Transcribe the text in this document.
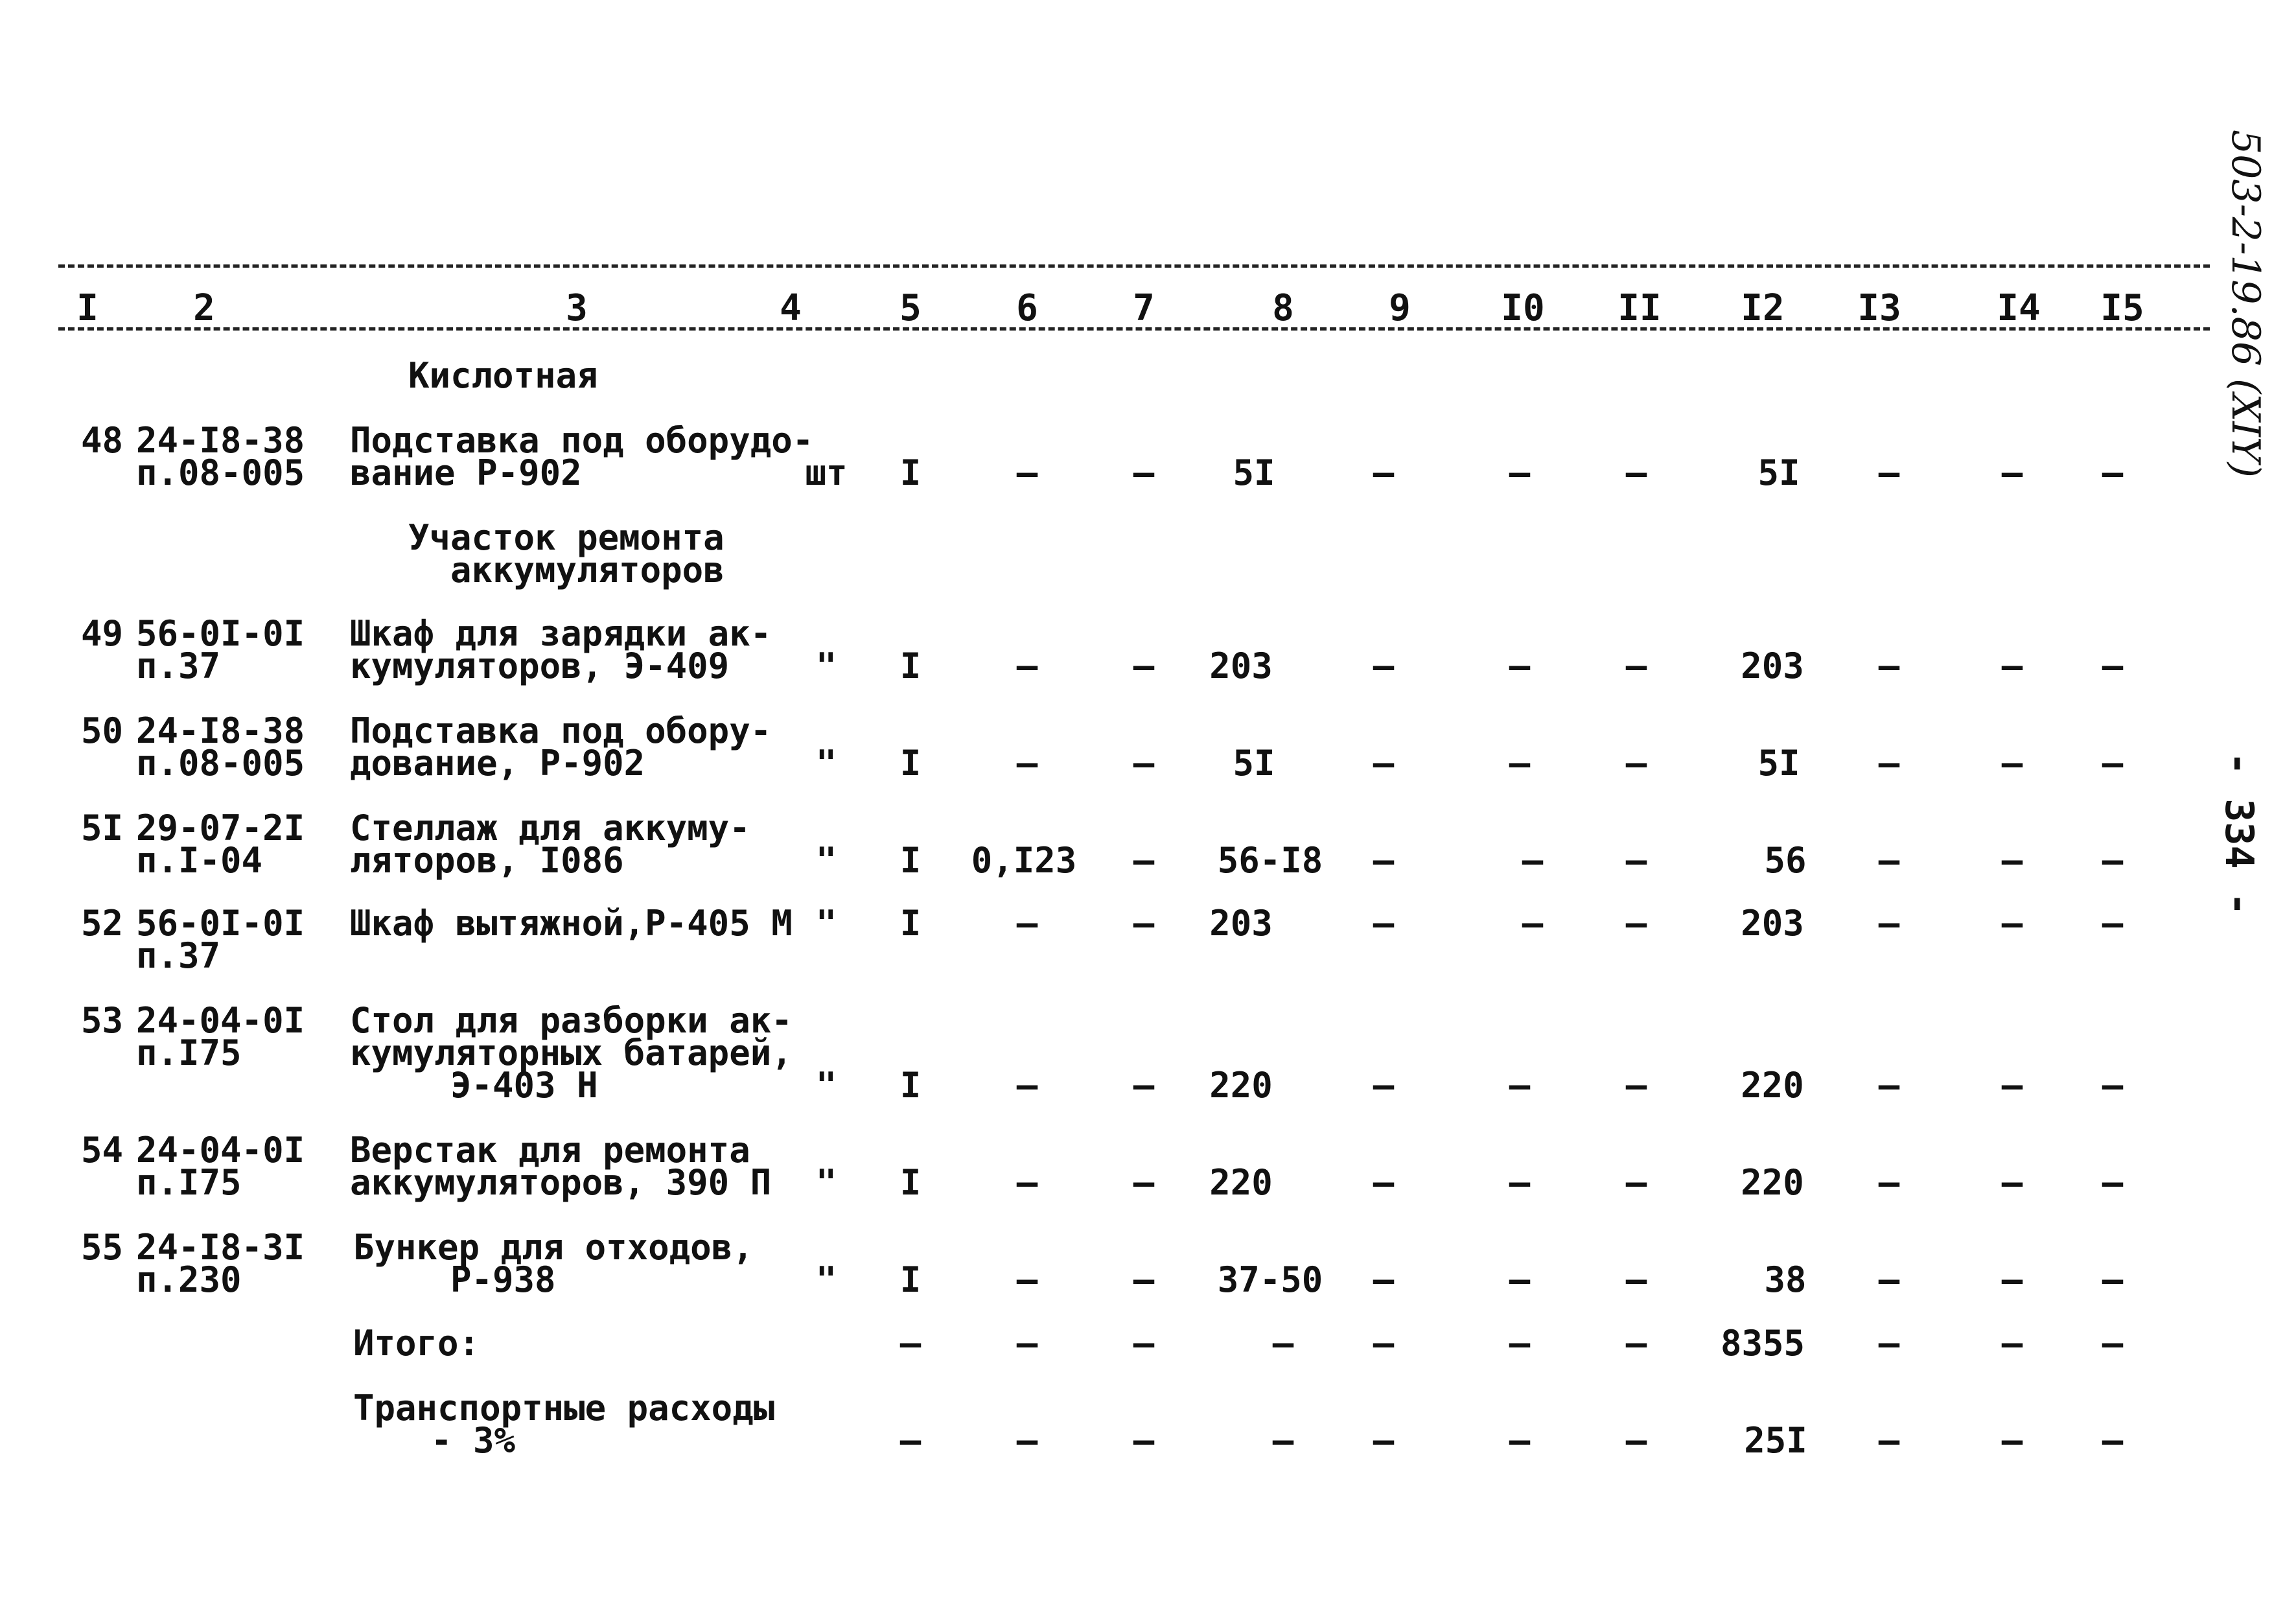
I	2	3	4	5	6	7	8	9	I0	II	I2	I3	I4	I5
Кислотная
48 24-I8-38
п.08-005
Подставка под оборудо-
вание Р-902	шт	I	–	–	5I	–	–	–	5I	–	–	–
Участок ремонта
аккумуляторов
49 56-0I-0I
п.37
Шкаф для зарядки ак-
кумуляторов, Э-409	"	I	–	–	203	–	–	–	203	–	–	–
50 24-I8-38
п.08-005
Подставка под обору-
дование, Р-902	"	I	–	–	5I	–	–	–	5I	–	–	–
5I 29-07-2I
п.I-04
Стеллаж для аккуму-
ляторов, I086	"	I	0,I23	–	56-I8	–	–	–	56	–	–	–
52 56-0I-0I
п.37
Шкаф вытяжной,Р-405 М "	I	–	–	203	–	–	–	203	–	–	–
53 24-04-0I
п.I75
Стол для разборки ак-
кумуляторных батарей,
Э-403 Н	"	I	–	–	220	–	–	–	220	–	–	–
54 24-04-0I
п.I75
Верстак для ремонта
аккумуляторов, 390 П	"	I	–	–	220	–	–	–	220	–	–	–
55 24-I8-3I
п.230
Бункер для отходов,
Р-938	"	I	–	–	37-50	–	–	–	38	–	–	–
Итого:	–	–	–	–	–	–	–	8355	–	–	–
Транспортные расходы
- 3%	–	–	–	–	–	–	–	25I	–	–	–
503-2-19.86 (XIY)
- 334 -
